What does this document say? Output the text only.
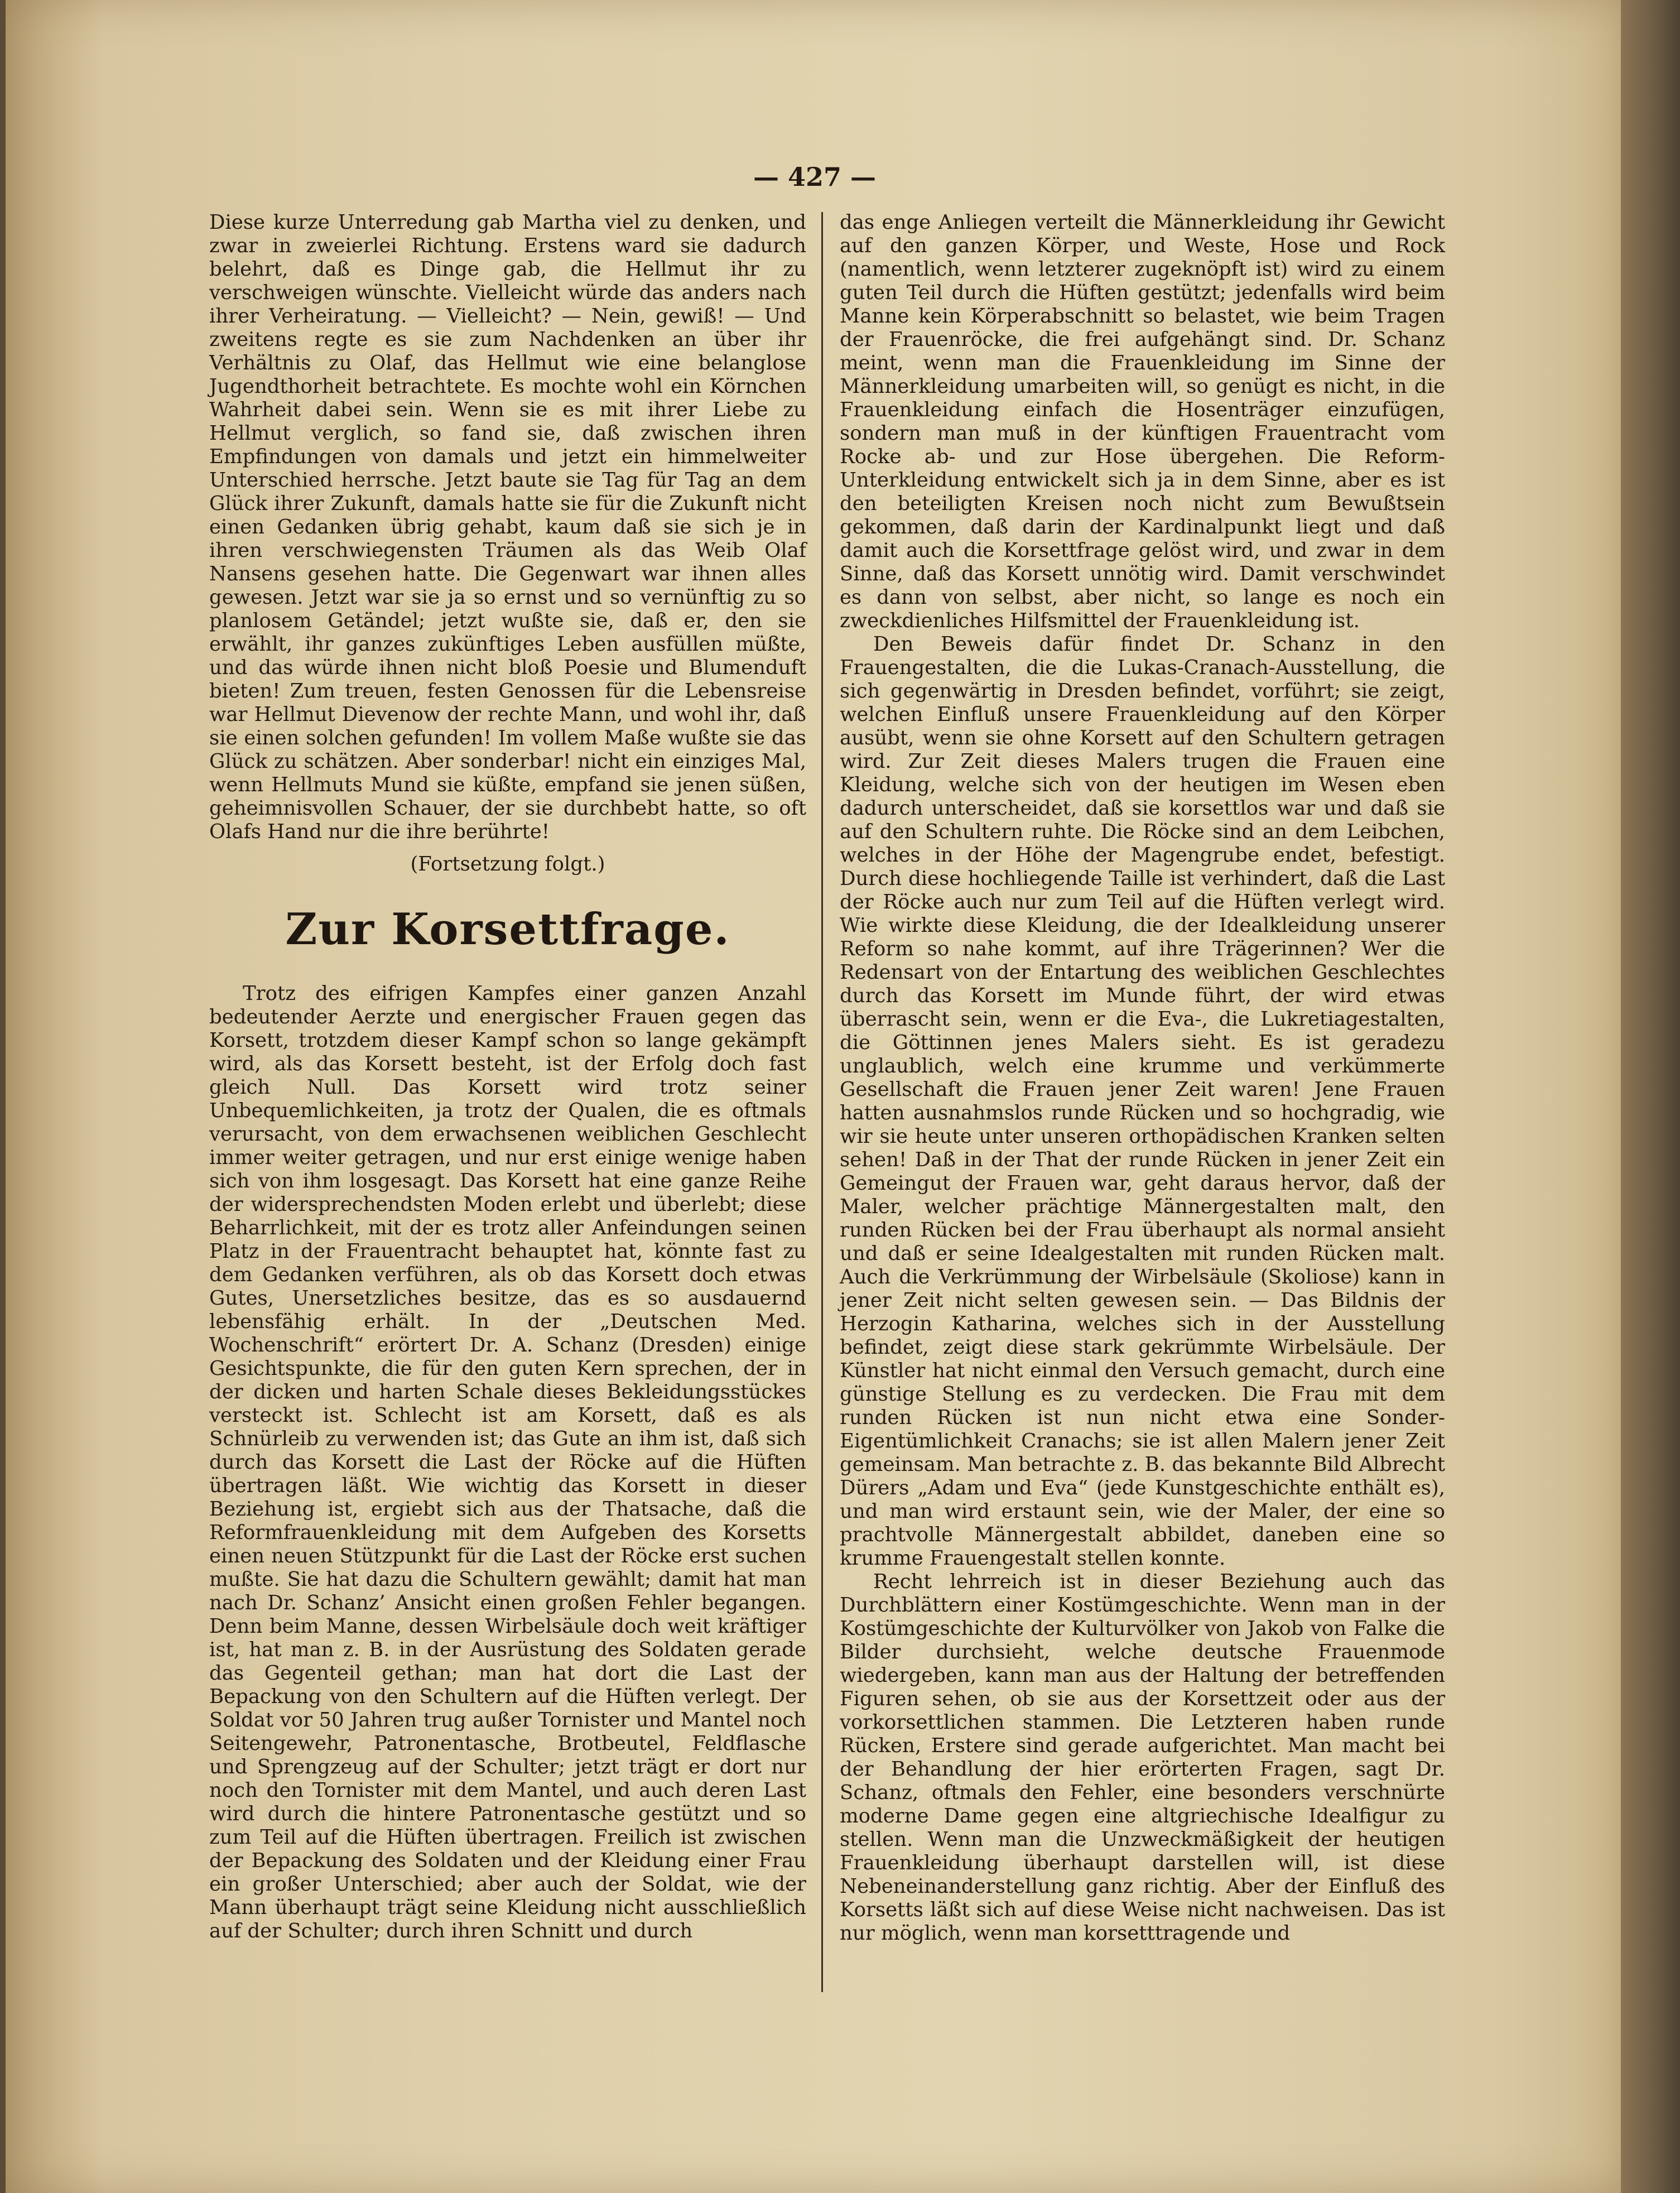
— 427 —

Diese kurze Unterredung gab Martha viel zu denken, und zwar in zweierlei Richtung. Erstens ward sie dadurch belehrt, daß es Dinge gab, die Hellmut ihr zu verschweigen wünschte. Vielleicht würde das anders nach ihrer Verheiratung. — Vielleicht? — Nein, gewiß! — Und zweitens regte es sie zum Nachdenken an über ihr Verhältnis zu Olaf, das Hellmut wie eine belanglose Jugendthorheit betrachtete. Es mochte wohl ein Körnchen Wahrheit dabei sein. Wenn sie es mit ihrer Liebe zu Hellmut verglich, so fand sie, daß zwischen ihren Empfindungen von damals und jetzt ein himmelweiter Unterschied herrsche. Jetzt baute sie Tag für Tag an dem Glück ihrer Zukunft, damals hatte sie für die Zukunft nicht einen Gedanken übrig gehabt, kaum daß sie sich je in ihren verschwiegensten Träumen als das Weib Olaf Nansens gesehen hatte. Die Gegenwart war ihnen alles gewesen. Jetzt war sie ja so ernst und so vernünftig zu so planlosem Getändel; jetzt wußte sie, daß er, den sie erwählt, ihr ganzes zukünftiges Leben ausfüllen müßte, und das würde ihnen nicht bloß Poesie und Blumenduft bieten! Zum treuen, festen Genossen für die Lebensreise war Hellmut Dievenow der rechte Mann, und wohl ihr, daß sie einen solchen gefunden! Im vollem Maße wußte sie das Glück zu schätzen. Aber sonderbar! nicht ein einziges Mal, wenn Hellmuts Mund sie küßte, empfand sie jenen süßen, geheimnisvollen Schauer, der sie durchbebt hatte, so oft Olafs Hand nur die ihre berührte!

(Fortsetzung folgt.)
Zur Korsettfrage.

Trotz des eifrigen Kampfes einer ganzen Anzahl bedeutender Aerzte und energischer Frauen gegen das Korsett, trotzdem dieser Kampf schon so lange gekämpft wird, als das Korsett besteht, ist der Erfolg doch fast gleich Null. Das Korsett wird trotz seiner Unbequemlichkeiten, ja trotz der Qualen, die es oftmals verursacht, von dem erwachsenen weiblichen Geschlecht immer weiter getragen, und nur erst einige wenige haben sich von ihm losgesagt. Das Korsett hat eine ganze Reihe der widersprechendsten Moden erlebt und überlebt; diese Beharrlichkeit, mit der es trotz aller Anfeindungen seinen Platz in der Frauentracht behauptet hat, könnte fast zu dem Gedanken verführen, als ob das Korsett doch etwas Gutes, Unersetzliches besitze, das es so ausdauernd lebensfähig erhält. In der „Deutschen Med. Wochenschrift“ erörtert Dr. A. Schanz (Dresden) einige Gesichtspunkte, die für den guten Kern sprechen, der in der dicken und harten Schale dieses Bekleidungsstückes versteckt ist. Schlecht ist am Korsett, daß es als Schnürleib zu verwenden ist; das Gute an ihm ist, daß sich durch das Korsett die Last der Röcke auf die Hüften übertragen läßt. Wie wichtig das Korsett in dieser Beziehung ist, ergiebt sich aus der Thatsache, daß die Reformfrauenkleidung mit dem Aufgeben des Korsetts einen neuen Stützpunkt für die Last der Röcke erst suchen mußte. Sie hat dazu die Schultern gewählt; damit hat man nach Dr. Schanz’ Ansicht einen großen Fehler begangen. Denn beim Manne, dessen Wirbelsäule doch weit kräftiger ist, hat man z. B. in der Ausrüstung des Soldaten gerade das Gegenteil gethan; man hat dort die Last der Bepackung von den Schultern auf die Hüften verlegt. Der Soldat vor 50 Jahren trug außer Tornister und Mantel noch Seitengewehr, Patronentasche, Brotbeutel, Feldflasche und Sprengzeug auf der Schulter; jetzt trägt er dort nur noch den Tornister mit dem Mantel, und auch deren Last wird durch die hintere Patronentasche gestützt und so zum Teil auf die Hüften übertragen. Freilich ist zwischen der Bepackung des Soldaten und der Kleidung einer Frau ein großer Unterschied; aber auch der Soldat, wie der Mann überhaupt trägt seine Kleidung nicht ausschließlich auf der Schulter; durch ihren Schnitt und durch

das enge Anliegen verteilt die Männerkleidung ihr Gewicht auf den ganzen Körper, und Weste, Hose und Rock (namentlich, wenn letzterer zugeknöpft ist) wird zu einem guten Teil durch die Hüften gestützt; jedenfalls wird beim Manne kein Körperabschnitt so belastet, wie beim Tragen der Frauenröcke, die frei aufgehängt sind. Dr. Schanz meint, wenn man die Frauenkleidung im Sinne der Männerkleidung umarbeiten will, so genügt es nicht, in die Frauenkleidung einfach die Hosenträger einzufügen, sondern man muß in der künftigen Frauentracht vom Rocke ab- und zur Hose übergehen. Die Reform-Unterkleidung entwickelt sich ja in dem Sinne, aber es ist den beteiligten Kreisen noch nicht zum Bewußtsein gekommen, daß darin der Kardinalpunkt liegt und daß damit auch die Korsettfrage gelöst wird, und zwar in dem Sinne, daß das Korsett unnötig wird. Damit verschwindet es dann von selbst, aber nicht, so lange es noch ein zweckdienliches Hilfsmittel der Frauenkleidung ist.

Den Beweis dafür findet Dr. Schanz in den Frauengestalten, die die Lukas-Cranach-Ausstellung, die sich gegenwärtig in Dresden befindet, vorführt; sie zeigt, welchen Einfluß unsere Frauenkleidung auf den Körper ausübt, wenn sie ohne Korsett auf den Schultern getragen wird. Zur Zeit dieses Malers trugen die Frauen eine Kleidung, welche sich von der heutigen im Wesen eben dadurch unterscheidet, daß sie korsettlos war und daß sie auf den Schultern ruhte. Die Röcke sind an dem Leibchen, welches in der Höhe der Magengrube endet, befestigt. Durch diese hochliegende Taille ist verhindert, daß die Last der Röcke auch nur zum Teil auf die Hüften verlegt wird. Wie wirkte diese Kleidung, die der Idealkleidung unserer Reform so nahe kommt, auf ihre Trägerinnen? Wer die Redensart von der Entartung des weiblichen Geschlechtes durch das Korsett im Munde führt, der wird etwas überrascht sein, wenn er die Eva-, die Lukretiagestalten, die Göttinnen jenes Malers sieht. Es ist geradezu unglaublich, welch eine krumme und verkümmerte Gesellschaft die Frauen jener Zeit waren! Jene Frauen hatten ausnahmslos runde Rücken und so hochgradig, wie wir sie heute unter unseren orthopädischen Kranken selten sehen! Daß in der That der runde Rücken in jener Zeit ein Gemeingut der Frauen war, geht daraus hervor, daß der Maler, welcher prächtige Männergestalten malt, den runden Rücken bei der Frau überhaupt als normal ansieht und daß er seine Idealgestalten mit runden Rücken malt. Auch die Verkrümmung der Wirbelsäule (Skoliose) kann in jener Zeit nicht selten gewesen sein. — Das Bildnis der Herzogin Katharina, welches sich in der Ausstellung befindet, zeigt diese stark gekrümmte Wirbelsäule. Der Künstler hat nicht einmal den Versuch gemacht, durch eine günstige Stellung es zu verdecken. Die Frau mit dem runden Rücken ist nun nicht etwa eine Sonder-Eigentümlichkeit Cranachs; sie ist allen Malern jener Zeit gemeinsam. Man betrachte z. B. das bekannte Bild Albrecht Dürers „Adam und Eva“ (jede Kunstgeschichte enthält es), und man wird erstaunt sein, wie der Maler, der eine so prachtvolle Männergestalt abbildet, daneben eine so krumme Frauengestalt stellen konnte.

Recht lehrreich ist in dieser Beziehung auch das Durchblättern einer Kostümgeschichte. Wenn man in der Kostümgeschichte der Kulturvölker von Jakob von Falke die Bilder durchsieht, welche deutsche Frauenmode wiedergeben, kann man aus der Haltung der betreffenden Figuren sehen, ob sie aus der Korsettzeit oder aus der vorkorsettlichen stammen. Die Letzteren haben runde Rücken, Erstere sind gerade aufgerichtet. Man macht bei der Behandlung der hier erörterten Fragen, sagt Dr. Schanz, oftmals den Fehler, eine besonders verschnürte moderne Dame gegen eine altgriechische Idealfigur zu stellen. Wenn man die Unzweckmäßigkeit der heutigen Frauenkleidung überhaupt darstellen will, ist diese Nebeneinanderstellung ganz richtig. Aber der Einfluß des Korsetts läßt sich auf diese Weise nicht nachweisen. Das ist nur möglich, wenn man korsetttragende und
